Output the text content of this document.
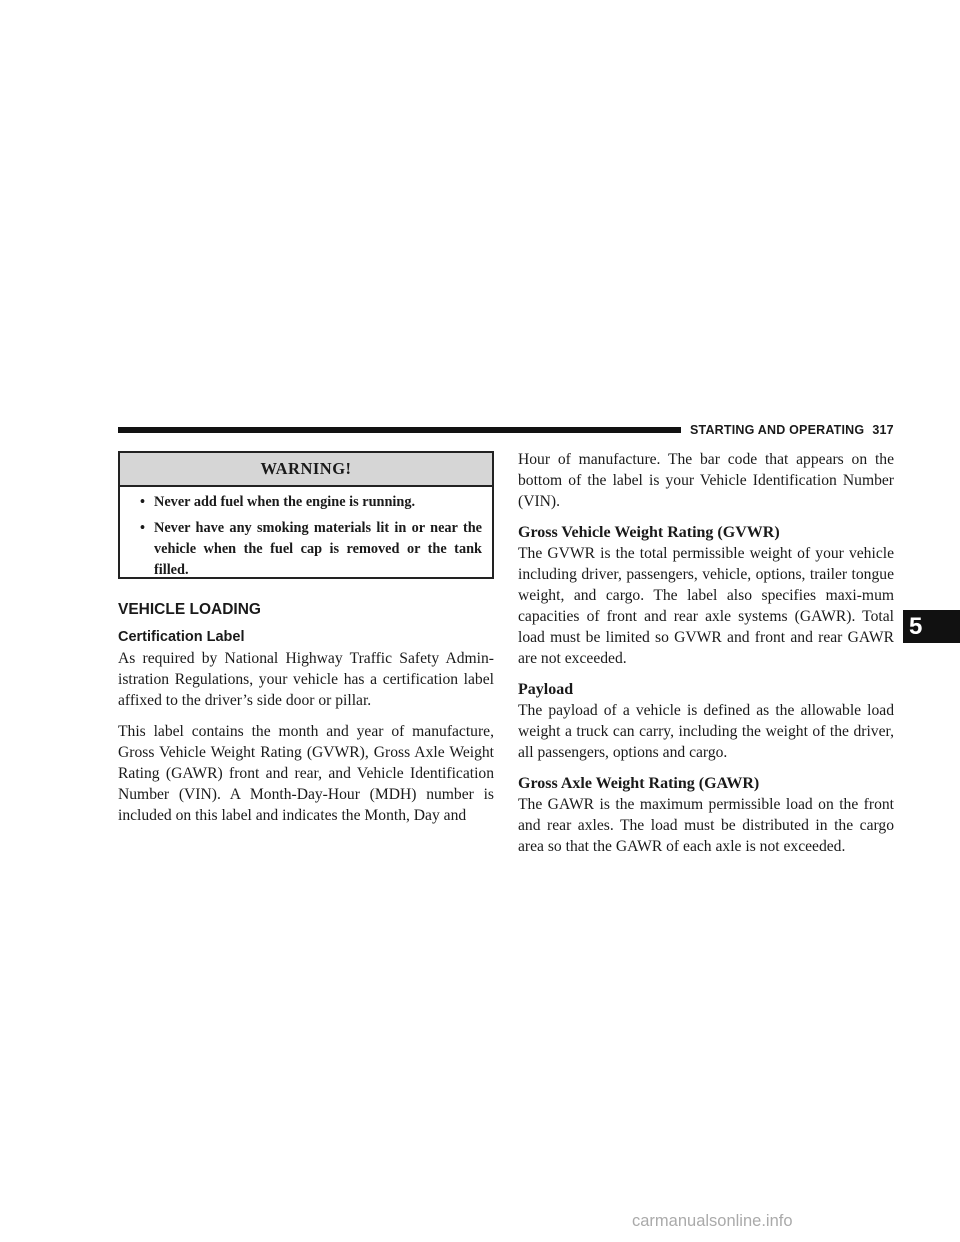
STARTING AND OPERATING 317
5
WARNING!
• Never add fuel when the engine is running.
• Never have any smoking materials lit in or near the vehicle when the fuel cap is removed or the tank filled.
VEHICLE LOADING
Certification Label

As required by National Highway Traffic Safety Admin-istration Regulations, your vehicle has a certification label affixed to the driver’s side door or pillar.

This label contains the month and year of manufacture, Gross Vehicle Weight Rating (GVWR), Gross Axle Weight Rating (GAWR) front and rear, and Vehicle Identification Number (VIN). A Month-Day-Hour (MDH) number is included on this label and indicates the Month, Day and

Hour of manufacture. The bar code that appears on the bottom of the label is your Vehicle Identification Number (VIN).

Gross Vehicle Weight Rating (GVWR)

The GVWR is the total permissible weight of your vehicle including driver, passengers, vehicle, options, trailer tongue weight, and cargo. The label also specifies maxi-mum capacities of front and rear axle systems (GAWR). Total load must be limited so GVWR and front and rear GAWR are not exceeded.

Payload

The payload of a vehicle is defined as the allowable load weight a truck can carry, including the weight of the driver, all passengers, options and cargo.

Gross Axle Weight Rating (GAWR)

The GAWR is the maximum permissible load on the front and rear axles. The load must be distributed in the cargo area so that the GAWR of each axle is not exceeded.

carmanualsonline.info
